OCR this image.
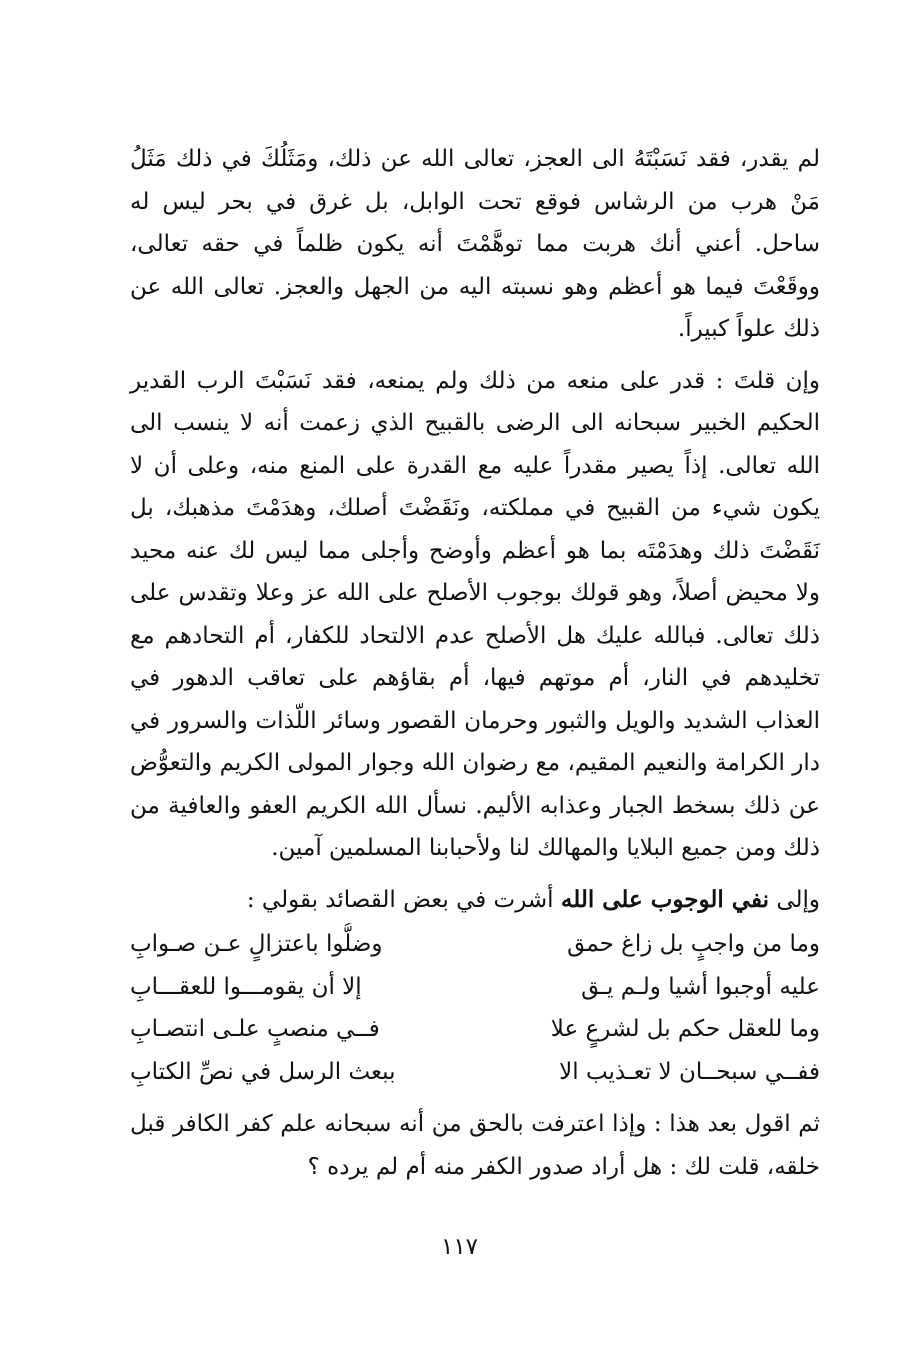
لم يقدر، فقد نَسَبْتَهُ الى العجز، تعالى الله عن ذلك، ومَثَلُكَ في ذلك مَثَلُ مَنْ هرب من الرشاس فوقع تحت الوابل، بل غرق في بحر ليس له ساحل. أعني أنك هربت مما توهَّمْتَ أنه يكون ظلماً في حقه تعالى، ووقَعْتَ فيما هو أعظم وهو نسبته اليه من الجهل والعجز. تعالى الله عن ذلك علواً كبيراً.

وإن قلتَ : قدر على منعه من ذلك ولم يمنعه، فقد نَسَبْتَ الرب القدير الحكيم الخبير سبحانه الى الرضى بالقبيح الذي زعمت أنه لا ينسب الى الله تعالى. إذاً يصير مقدراً عليه مع القدرة على المنع منه، وعلى أن لا يكون شيء من القبيح في مملكته، ونَقَضْتَ أصلك، وهدَمْتَ مذهبك، بل نَقَضْتَ ذلك وهدَمْتَه بما هو أعظم وأوضح وأجلى مما ليس لك عنه محيد ولا محيض أصلاً، وهو قولك بوجوب الأصلح على الله عز وعلا وتقدس على ذلك تعالى. فبالله عليك هل الأصلح عدم الالتحاد للكفار، أم التحادهم مع تخليدهم في النار، أم موتهم فيها، أم بقاؤهم على تعاقب الدهور في العذاب الشديد والويل والثبور وحرمان القصور وسائر اللّذات والسرور في دار الكرامة والنعيم المقيم، مع رضوان الله وجوار المولى الكريم والتعوُّض عن ذلك بسخط الجبار وعذابه الأليم. نسأل الله الكريم العفو والعافية من ذلك ومن جميع البلايا والمهالك لنا ولأحبابنا المسلمين آمين.

وإلى نفي الوجوب على الله أشرت في بعض القصائد بقولي :

وما من واجبٍ بل زاغ حمق
وضلُّوا باعتزالٍ عـن صـوابِ
عليه أوجبوا أشيا ولـم يـق
إلا أن يقومـــوا للعقـــابِ
وما للعقل حكم بل لشرعٍ علا
فــي منصبٍ علـى انتصـابِ
ففــي سبحــان لا تعـذيب الا
ببعث الرسل في نصِّ الكتابِ

ثم اقول بعد هذا : وإذا اعترفت بالحق من أنه سبحانه علم كفر الكافر قبل خلقه، قلت لك : هل أراد صدور الكفر منه أم لم يرده ؟

١١٧
